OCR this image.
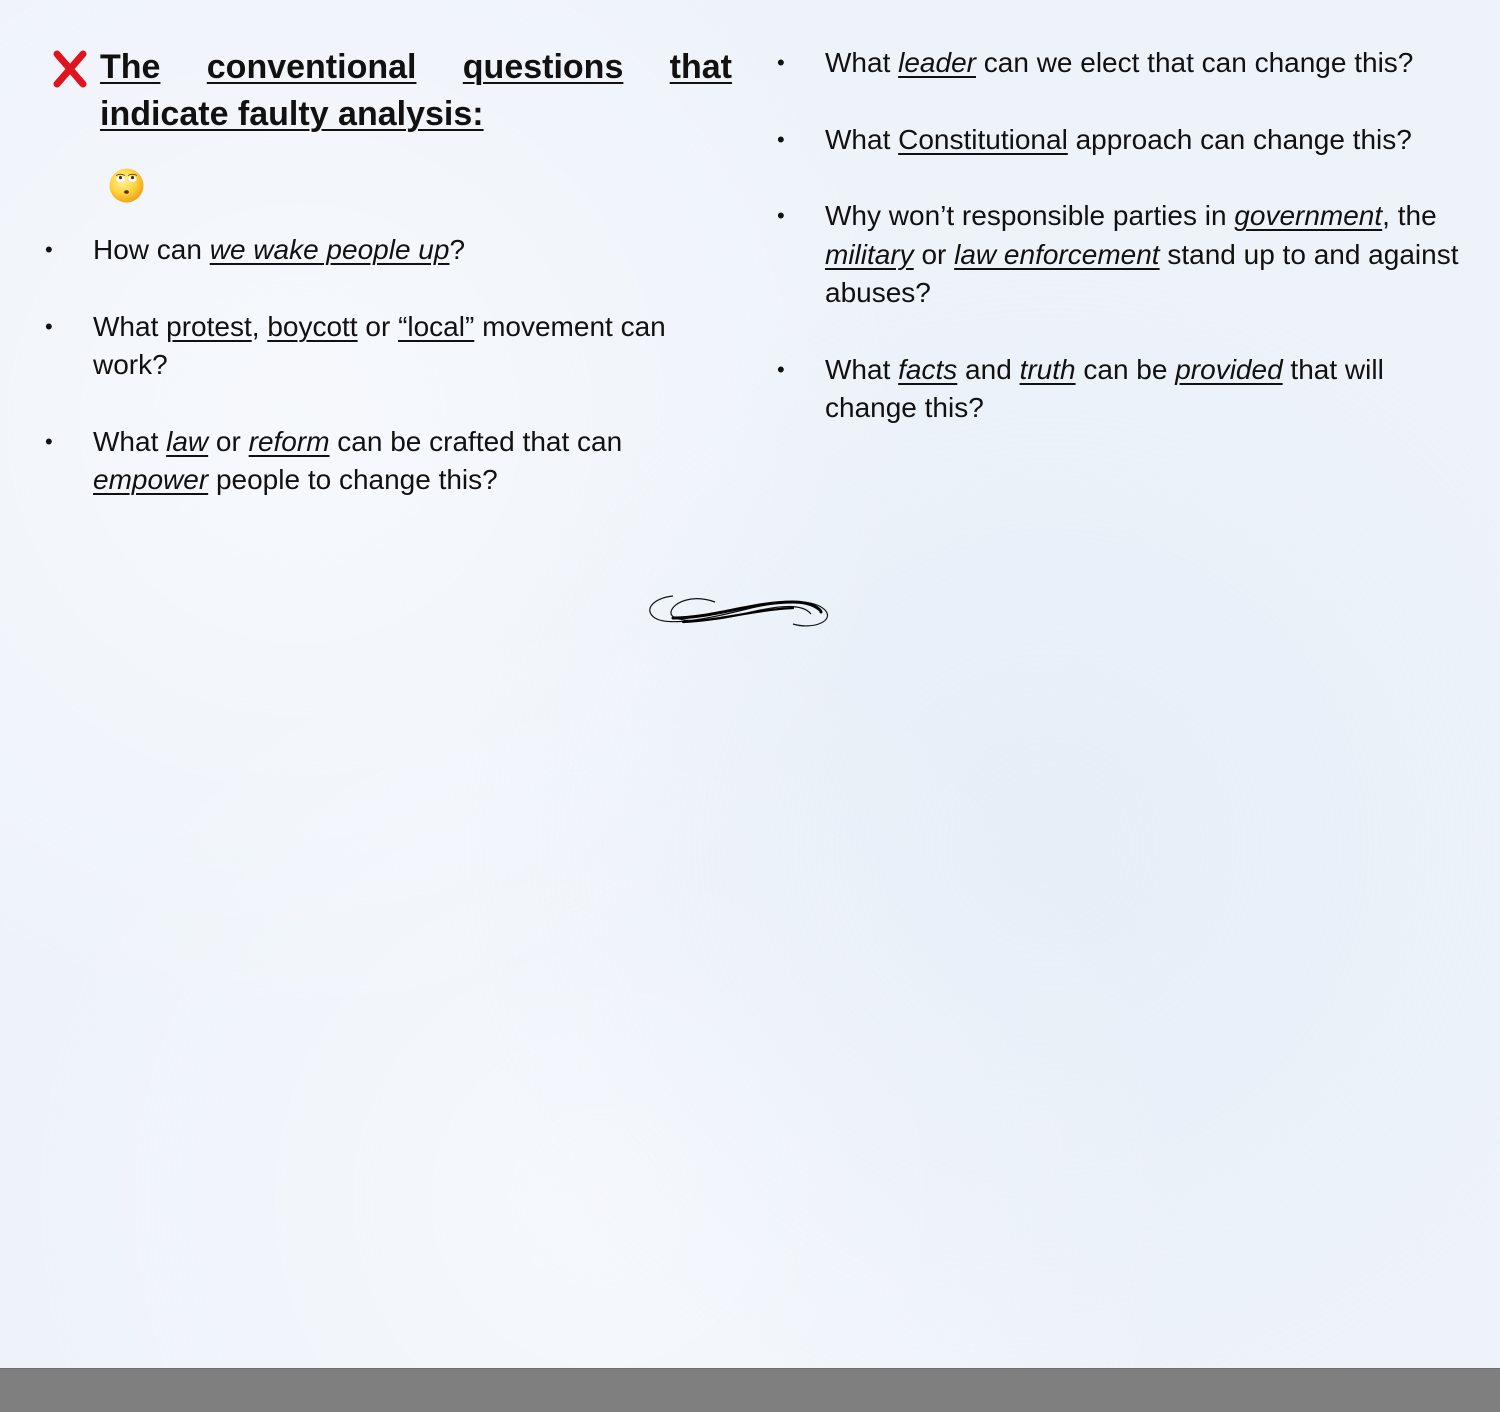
The conventional questions that
indicate faulty analysis:
• How can we wake people up?
• What protest, boycott or “local” movement can work?
• What law or reform can be crafted that can empower people to change this?
• What leader can we elect that can change this?
• What Constitutional approach can change this?
• Why won’t responsible parties in government, the military or law enforcement stand up to and against abuses?
• What facts and truth can be provided that will change this?
